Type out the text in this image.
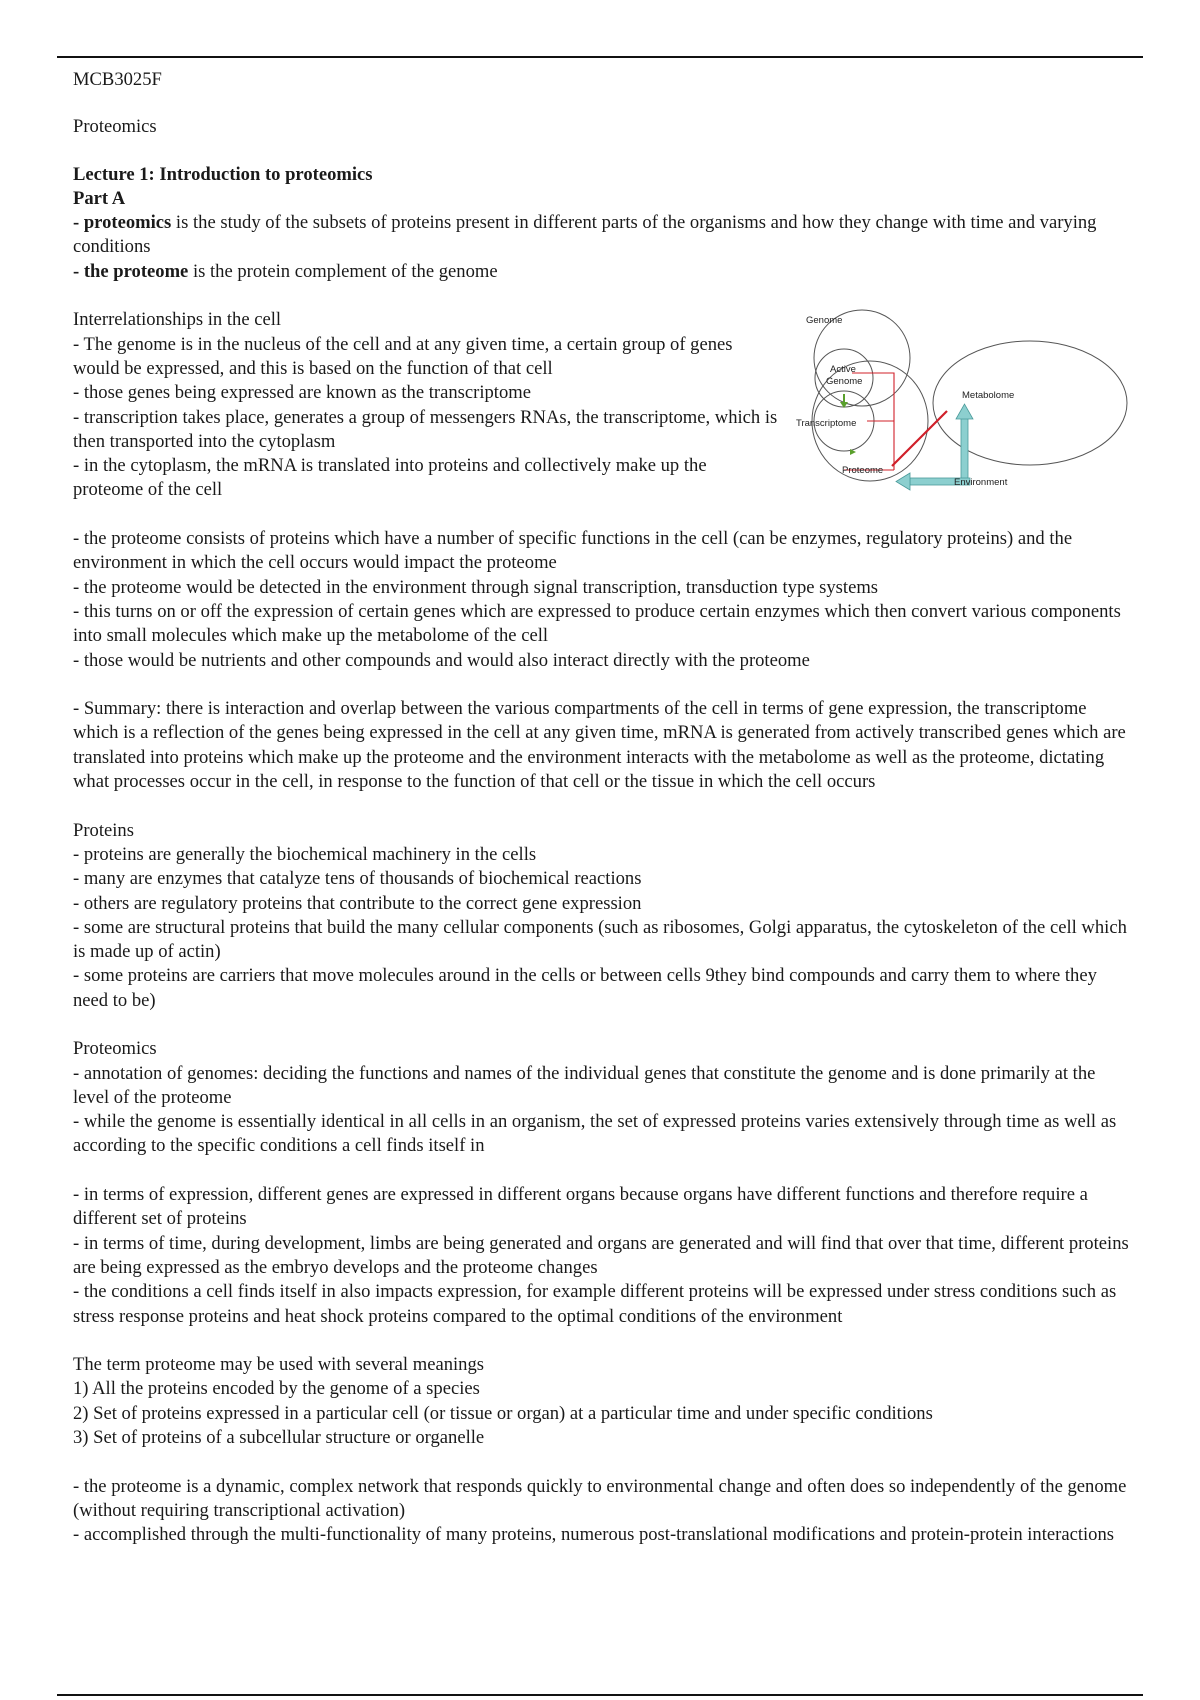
MCB3025F

Proteomics

Lecture 1: Introduction to proteomics

Part A

- proteomics is the study of the subsets of proteins present in different parts of the organisms and how they change with time and varying conditions

- the proteome is the protein complement of the genome

Interrelationships in the cell

- The genome is in the nucleus of the cell and at any given time, a certain group of genes would be expressed, and this is based on the function of that cell

- those genes being expressed are known as the transcriptome

- transcription takes place, generates a group of messengers RNAs, the transcriptome, which is then transported into the cytoplasm

- in the cytoplasm, the mRNA is translated into proteins and collectively make up the proteome of the cell

Genome
Active
Genome
Transcriptome
Proteome
Metabolome
Environment

- the proteome consists of proteins which have a number of specific functions in the cell (can be enzymes, regulatory proteins) and the environment in which the cell occurs would impact the proteome

- the proteome would be detected in the environment through signal transcription, transduction type systems

- this turns on or off the expression of certain genes which are expressed to produce certain enzymes which then convert various components into small molecules which make up the metabolome of the cell

- those would be nutrients and other compounds and would also interact directly with the proteome

- Summary: there is interaction and overlap between the various compartments of the cell in terms of gene expression, the transcriptome which is a reflection of the genes being expressed in the cell at any given time, mRNA is generated from actively transcribed genes which are translated into proteins which make up the proteome and the environment interacts with the metabolome as well as the proteome, dictating what processes occur in the cell, in response to the function of that cell or the tissue in which the cell occurs

Proteins

- proteins are generally the biochemical machinery in the cells

- many are enzymes that catalyze tens of thousands of biochemical reactions

- others are regulatory proteins that contribute to the correct gene expression

- some are structural proteins that build the many cellular components (such as ribosomes, Golgi apparatus, the cytoskeleton of the cell which is made up of actin)

- some proteins are carriers that move molecules around in the cells or between cells 9they bind compounds and carry them to where they need to be)

Proteomics

- annotation of genomes: deciding the functions and names of the individual genes that constitute the genome and is done primarily at the level of the proteome

- while the genome is essentially identical in all cells in an organism, the set of expressed proteins varies extensively through time as well as according to the specific conditions a cell finds itself in

- in terms of expression, different genes are expressed in different organs because organs have different functions and therefore require a different set of proteins

- in terms of time, during development, limbs are being generated and organs are generated and will find that over that time, different proteins are being expressed as the embryo develops and the proteome changes

- the conditions a cell finds itself in also impacts expression, for example different proteins will be expressed under stress conditions such as stress response proteins and heat shock proteins compared to the optimal conditions of the environment

The term proteome may be used with several meanings

1) All the proteins encoded by the genome of a species

2) Set of proteins expressed in a particular cell (or tissue or organ) at a particular time and under specific conditions

3) Set of proteins of a subcellular structure or organelle

- the proteome is a dynamic, complex network that responds quickly to environmental change and often does so independently of the genome (without requiring transcriptional activation)

- accomplished through the multi-functionality of many proteins, numerous post-translational modifications and protein-protein interactions
